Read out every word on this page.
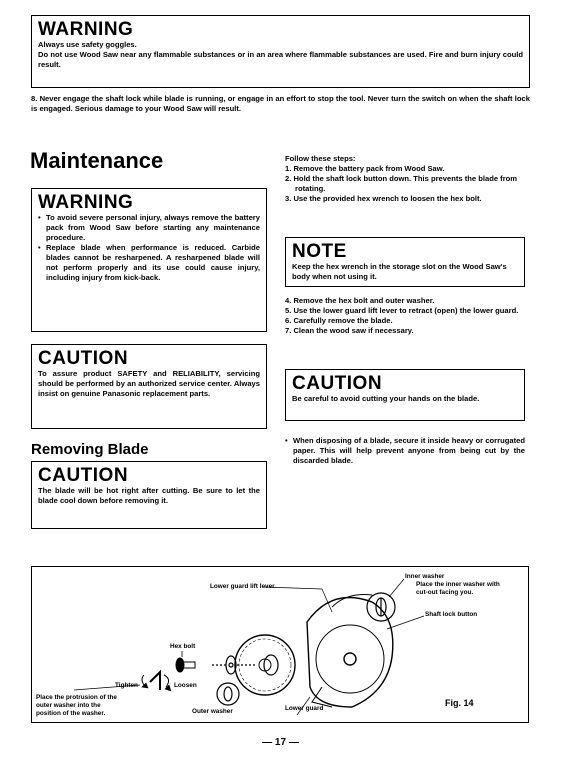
WARNING
Always use safety goggles.
Do not use Wood Saw near any flammable substances or in an area where flammable substances are used. Fire and burn injury could result.
8. Never engage the shaft lock while blade is running, or engage in an effort to stop the tool. Never turn the switch on when the shaft lock is engaged. Serious damage to your Wood Saw will result.
Maintenance
WARNING
• To avoid severe personal injury, always remove the battery pack from Wood Saw before starting any maintenance procedure.
• Replace blade when performance is reduced. Carbide blades cannot be resharpened. A resharpened blade will not perform properly and its use could cause injury, including injury from kick-back.
CAUTION
To assure product SAFETY and RELIABILITY, servicing should be performed by an authorized service center. Always insist on genuine Panasonic replacement parts.
Removing Blade
CAUTION
The blade will be hot right after cutting. Be sure to let the blade cool down before removing it.
Follow these steps:
1. Remove the battery pack from Wood Saw.
2. Hold the shaft lock button down. This prevents the blade from rotating.
3. Use the provided hex wrench to loosen the hex bolt.
NOTE
Keep the hex wrench in the storage slot on the Wood Saw's body when not using it.
4. Remove the hex bolt and outer washer.
5. Use the lower guard lift lever to retract (open) the lower guard.
6. Carefully remove the blade.
7. Clean the wood saw if necessary.
CAUTION
Be careful to avoid cutting your hands on the blade.
• When disposing of a blade, secure it inside heavy or corrugated paper. This will help prevent anyone from being cut by the discarded blade.
Lower guard lift lever
Inner washer
Place the inner washer with cut-out facing you.
Shaft lock button
Hex bolt
Tighten	Loosen
Place the protrusion of the outer washer into the position of the washer.	Outer washer	Lower guard
Fig. 14
— 17 —
